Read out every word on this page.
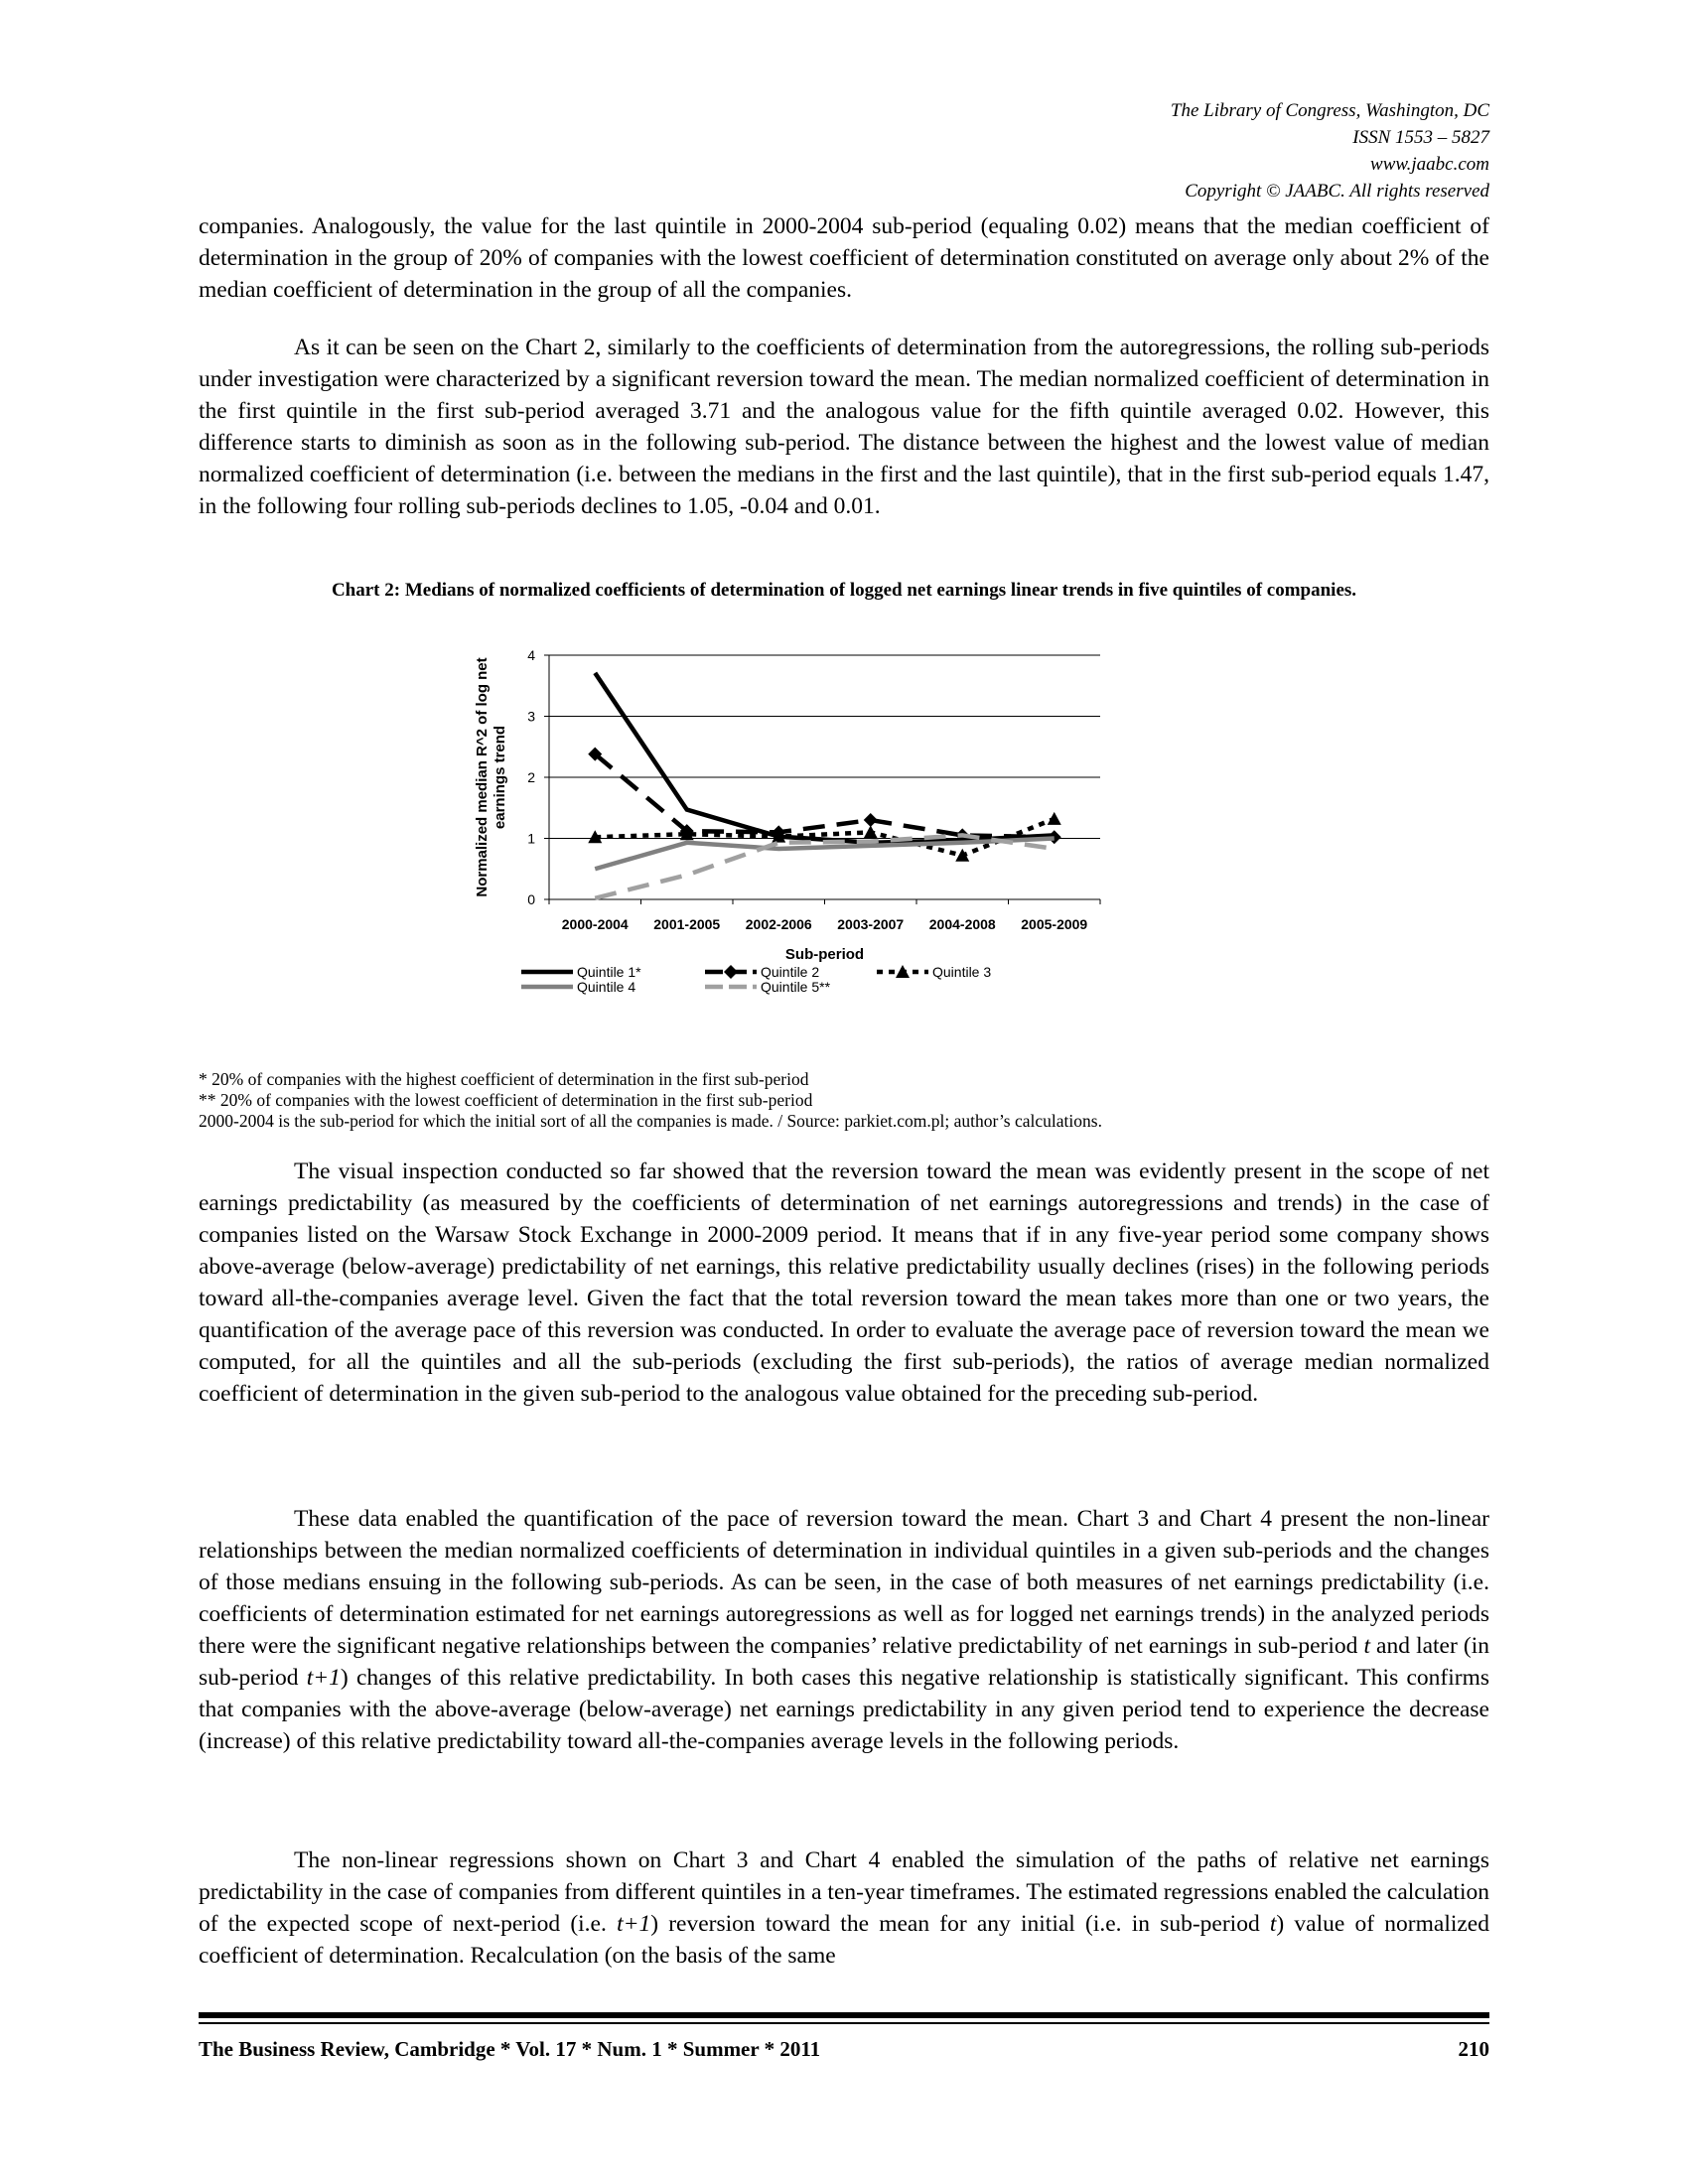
The Library of Congress, Washington, DC
ISSN 1553 – 5827
www.jaabc.com
Copyright © JAABC. All rights reserved

companies. Analogously, the value for the last quintile in 2000-2004 sub-period (equaling 0.02) means that the median coefficient of determination in the group of 20% of companies with the lowest coefficient of determination constituted on average only about 2% of the median coefficient of determination in the group of all the companies.

As it can be seen on the Chart 2, similarly to the coefficients of determination from the autoregressions, the rolling sub-periods under investigation were characterized by a significant reversion toward the mean. The median normalized coefficient of determination in the first quintile in the first sub-period averaged 3.71 and the analogous value for the fifth quintile averaged 0.02. However, this difference starts to diminish as soon as in the following sub-period. The distance between the highest and the lowest value of median normalized coefficient of determination (i.e. between the medians in the first and the last quintile), that in the first sub-period equals 1.47, in the following four rolling sub-periods declines to 1.05, -0.04 and 0.01.

Chart 2: Medians of normalized coefficients of determination of logged net earnings linear trends in five quintiles of companies.
0
1
2
3
4
2000-2004 2001-2005 2002-2006 2003-2007 2004-2008 2005-2009
Normalized median R^2 of log netearnings trend
Sub-period
Quintile 1*	Quintile 2	Quintile 3
Quintile 4	Quintile 5**
* 20% of companies with the highest coefficient of determination in the first sub-period
** 20% of companies with the lowest coefficient of determination in the first sub-period
2000-2004 is the sub-period for which the initial sort of all the companies is made. / Source: parkiet.com.pl; author’s calculations.

The visual inspection conducted so far showed that the reversion toward the mean was evidently present in the scope of net earnings predictability (as measured by the coefficients of determination of net earnings autoregressions and trends) in the case of companies listed on the Warsaw Stock Exchange in 2000-2009 period. It means that if in any five-year period some company shows above-average (below-average) predictability of net earnings, this relative predictability usually declines (rises) in the following periods toward all-the-companies average level. Given the fact that the total reversion toward the mean takes more than one or two years, the quantification of the average pace of this reversion was conducted. In order to evaluate the average pace of reversion toward the mean we computed, for all the quintiles and all the sub-periods (excluding the first sub-periods), the ratios of average median normalized coefficient of determination in the given sub-period to the analogous value obtained for the preceding sub-period.

These data enabled the quantification of the pace of reversion toward the mean. Chart 3 and Chart 4 present the non-linear relationships between the median normalized coefficients of determination in individual quintiles in a given sub-periods and the changes of those medians ensuing in the following sub-periods. As can be seen, in the case of both measures of net earnings predictability (i.e. coefficients of determination estimated for net earnings autoregressions as well as for logged net earnings trends) in the analyzed periods there were the significant negative relationships between the companies’ relative predictability of net earnings in sub-period t and later (in sub-period t+1) changes of this relative predictability. In both cases this negative relationship is statistically significant. This confirms that companies with the above-average (below-average) net earnings predictability in any given period tend to experience the decrease (increase) of this relative predictability toward all-the-companies average levels in the following periods.

The non-linear regressions shown on Chart 3 and Chart 4 enabled the simulation of the paths of relative net earnings predictability in the case of companies from different quintiles in a ten-year timeframes. The estimated regressions enabled the calculation of the expected scope of next-period (i.e. t+1) reversion toward the mean for any initial (i.e. in sub-period t) value of normalized coefficient of determination. Recalculation (on the basis of the same

The Business Review, Cambridge * Vol. 17 * Num. 1 * Summer * 2011	210
